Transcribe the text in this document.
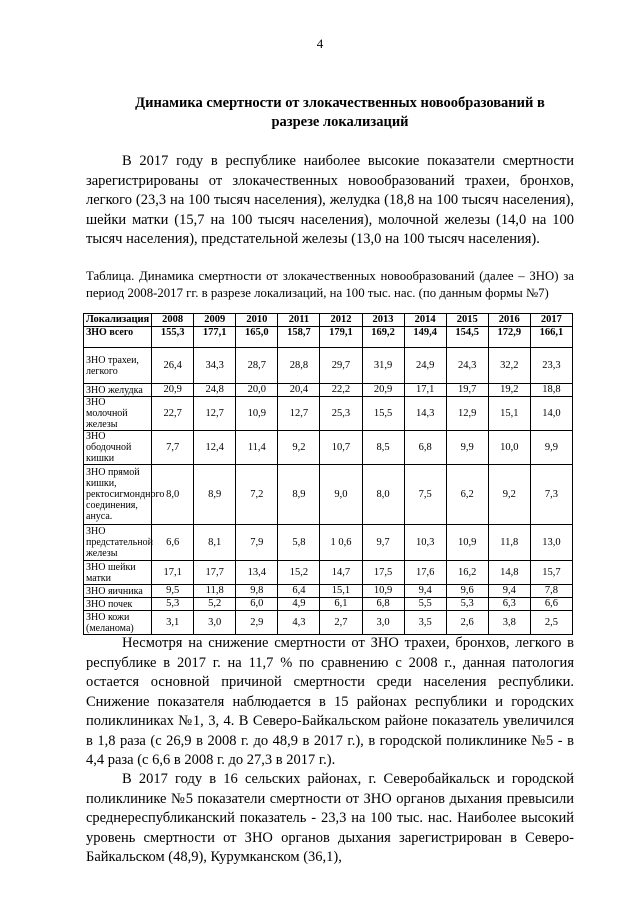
4
Динамика смертности от злокачественных новообразований в разрезе локализаций

В 2017 году в республике наиболее высокие показатели смертности зарегистрированы от злокачественных новообразований трахеи, бронхов, легкого (23,3 на 100 тысяч населения), желудка (18,8 на 100 тысяч населения), шейки матки (15,7 на 100 тысяч населения), молочной железы (14,0 на 100 тысяч населения), предстательной железы (13,0 на 100 тысяч населения).

Таблица. Динамика смертности от злокачественных новообразований (далее – ЗНО) за период 2008-2017 гг. в разрезе локализаций, на 100 тыс. нас. (по данным формы №7)

Локализация	2008	2009	2010	2011	2012	2013	2014	2015	2016	2017
ЗНО всего	155,3	177,1	165,0	158,7	179,1	169,2	149,4	154,5	172,9	166,1
ЗНО трахеи, легкого	26,4	34,3	28,7	28,8	29,7	31,9	24,9	24,3	32,2	23,3
ЗНО желудка	20,9	24,8	20,0	20,4	22,2	20,9	17,1	19,7	19,2	18,8
ЗНО молочной железы	22,7	12,7	10,9	12,7	25,3	15,5	14,3	12,9	15,1	14,0
ЗНО ободочной кишки	7,7	12,4	11,4	9,2	10,7	8,5	6,8	9,9	10,0	9,9
ЗНО прямой кишки, ректосигмондного соединения, ануса.	8,0	8,9	7,2	8,9	9,0	8,0	7,5	6,2	9,2	7,3
ЗНО предстательной железы	6,6	8,1	7,9	5,8	1 0,6	9,7	10,3	10,9	11,8	13,0
ЗНО шейки матки	17,1	17,7	13,4	15,2	14,7	17,5	17,6	16,2	14,8	15,7
ЗНО яичника	9,5	11,8	9,8	6,4	15,1	10,9	9,4	9,6	9,4	7,8
ЗНО почек	5,3	5,2	6,0	4,9	6,1	6,8	5,5	5,3	6,3	6,6
ЗНО кожи (меланома)	3,1	3,0	2,9	4,3	2,7	3,0	3,5	2,6	3,8	2,5

Несмотря на снижение смертности от ЗНО трахеи, бронхов, легкого в республике в 2017 г. на 11,7 % по сравнению с 2008 г., данная патология остается основной причиной смертности среди населения республики. Снижение показателя наблюдается в 15 районах республики и городских поликлиниках №1, 3, 4. В Северо-Байкальском районе показатель увеличился в 1,8 раза (с 26,9 в 2008 г. до 48,9 в 2017 г.), в городской поликлинике №5 - в 4,4 раза (с 6,6 в 2008 г. до 27,3 в 2017 г.).

В 2017 году в 16 сельских районах, г. Северобайкальск и городской поликлинике №5 показатели смертности от ЗНО органов дыхания превысили среднереспубликанский показатель - 23,3 на 100 тыс. нас. Наиболее высокий уровень смертности от ЗНО органов дыхания зарегистрирован в Северо-Байкальском (48,9), Курумканском (36,1),
